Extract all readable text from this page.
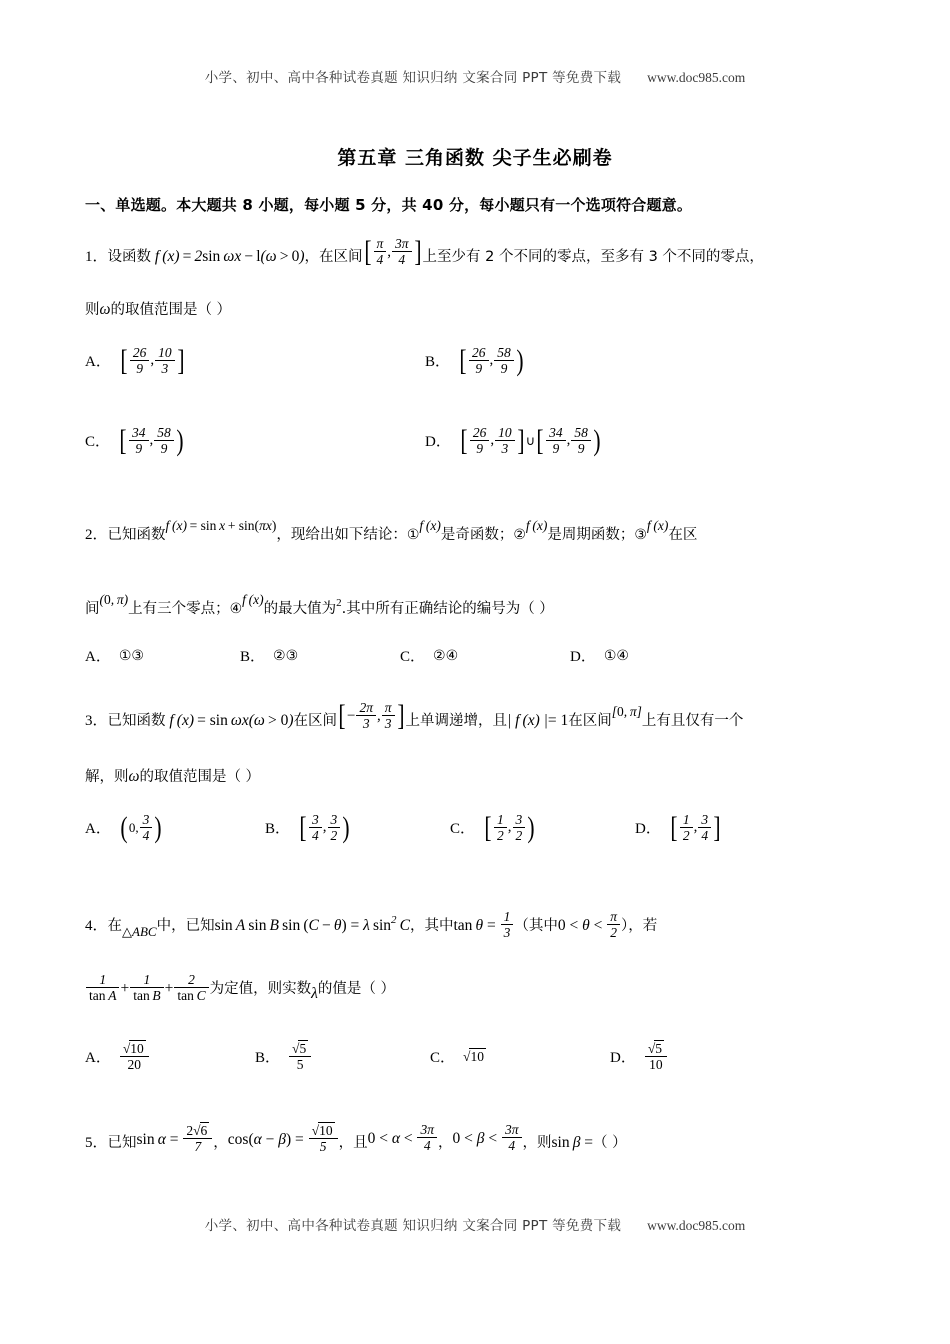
小学、初中、高中各种试卷真题 知识归纳 文案合同 PPT 等免费下载 www.doc985.com
第五章 三角函数 尖子生必刷卷
一、单选题。本大题共 8 小题，每小题 5 分，共 40 分，每小题只有一个选项符合题意。
1．设函数 f (x) = 2sin ωx −  l(ω >  0)，在区间 [ $\frac{\pi}{4}$ , $\frac{3\pi}{4}$ ] 上至少有 2 个不同的零点，至多有 3 个不同的零点，
则ω的取值范围是（ ）
A． [ $\frac{26}{9}$ , $\frac{10}{3}$ ]	B． [ $\frac{26}{9}$ , $\frac{58}{9}$ )
C． [ $\frac{34}{9}$ , $\frac{58}{9}$ )	D． [ $\frac{26}{9}$ , $\frac{10}{3}$ ] ∪ [ $\frac{34}{9}$ , $\frac{58}{9}$ )
2．已知函数f (x) = sin x + sin(πx)，现给出如下结论：①f (x)是奇函数；②f (x)是周期函数；③f (x)在区
间(0, π)上有三个零点；④f (x)的最大值为$^2$.其中所有正确结论的编号为（ ）
A． ①③	B． ②③	C． ②④	D． ①④
3．已知函数 f (x) = sin ωx(ω > 0)在区间 [ − $\frac{2\pi}{3}$ , $\frac{\pi}{3}$ ] 上单调递增，且| f (x) |= 1在区间[0, π]上有且仅有一个
解，则ω的取值范围是（ ）
A． ( 0, $\frac{3}{4}$ )	B． [ $\frac{3}{4}$ , $\frac{3}{2}$ )	C． [ $\frac{1}{2}$ , $\frac{3}{2}$ )	D． [ $\frac{1}{2}$ , $\frac{3}{4}$ ]
4．在△ABC中，已知sin A sin B sin  (C − θ) = λ $\sin^2 C$，其中$\tan \theta = \frac{1}{3}$ （其中$0 < \theta < \frac{\pi}{2}$ ），若
$\frac{1}{\text{tan  A}} + \frac{1}{\text{tan  B}} + \frac{2}{\text{tan  C}}$ 为定值，则实数λ的值是（ ）
A． $\frac{√10}{20}$	B． $\frac{√5}{5}$	C． √10	D． $\frac{√5}{10}$
5．已知$\sin \alpha = \frac{2√6}{7}$ ，$\cos(\alpha - \beta) = \frac{√10}{5}$ ，且$0 < \alpha < \frac{3\pi}{4}$ ，$0 < \beta < \frac{3\pi}{4}$ ，则sin β =（ ）
小学、初中、高中各种试卷真题 知识归纳 文案合同 PPT 等免费下载 www.doc985.com
